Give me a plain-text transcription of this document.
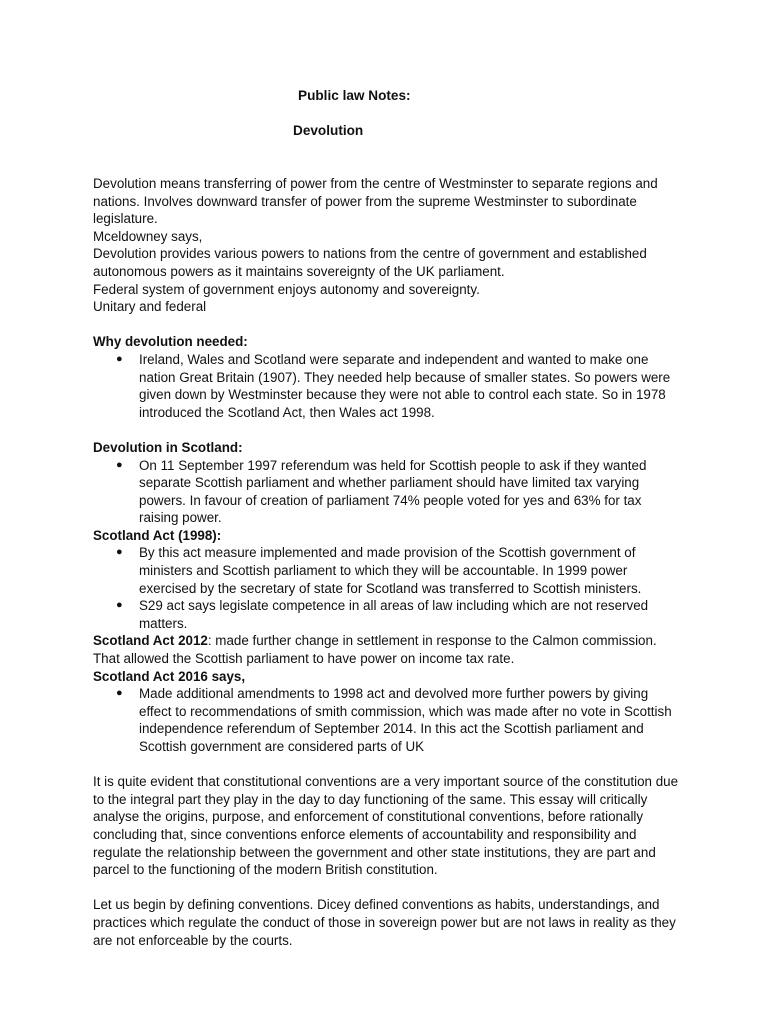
Public law Notes:
Devolution

Devolution means transferring of power from the centre of Westminster to separate regions and nations. Involves downward transfer of power from the supreme Westminster to subordinate legislature.

Mceldowney says,

Devolution provides various powers to nations from the centre of government and established autonomous powers as it maintains sovereignty of the UK parliament.

Federal system of government enjoys autonomy and sovereignty.

Unitary and federal

Why devolution needed:

● Ireland, Wales and Scotland were separate and independent and wanted to make one nation Great Britain (1907). They needed help because of smaller states. So powers were given down by Westminster because they were not able to control each state. So in 1978 introduced the Scotland Act, then Wales act 1998.

Devolution in Scotland:

● On 11 September 1997 referendum was held for Scottish people to ask if they wanted separate Scottish parliament and whether parliament should have limited tax varying powers. In favour of creation of parliament 74% people voted for yes and 63% for tax raising power.

Scotland Act (1998):

● By this act measure implemented and made provision of the Scottish government of ministers and Scottish parliament to which they will be accountable. In 1999 power exercised by the secretary of state for Scotland was transferred to Scottish ministers.
● S29 act says legislate competence in all areas of law including which are not reserved matters.

Scotland Act 2012: made further change in settlement in response to the Calmon commission.

That allowed the Scottish parliament to have power on income tax rate.

Scotland Act 2016 says,

● Made additional amendments to 1998 act and devolved more further powers by giving effect to recommendations of smith commission, which was made after no vote in Scottish independence referendum of September 2014. In this act the Scottish parliament and Scottish government are considered parts of UK

It is quite evident that constitutional conventions are a very important source of the constitution due to the integral part they play in the day to day functioning of the same. This essay will critically analyse the origins, purpose, and enforcement of constitutional conventions, before rationally concluding that, since conventions enforce elements of accountability and responsibility and regulate the relationship between the government and other state institutions, they are part and parcel to the functioning of the modern British constitution.

Let us begin by defining conventions. Dicey defined conventions as habits, understandings, and practices which regulate the conduct of those in sovereign power but are not laws in reality as they are not enforceable by the courts.
